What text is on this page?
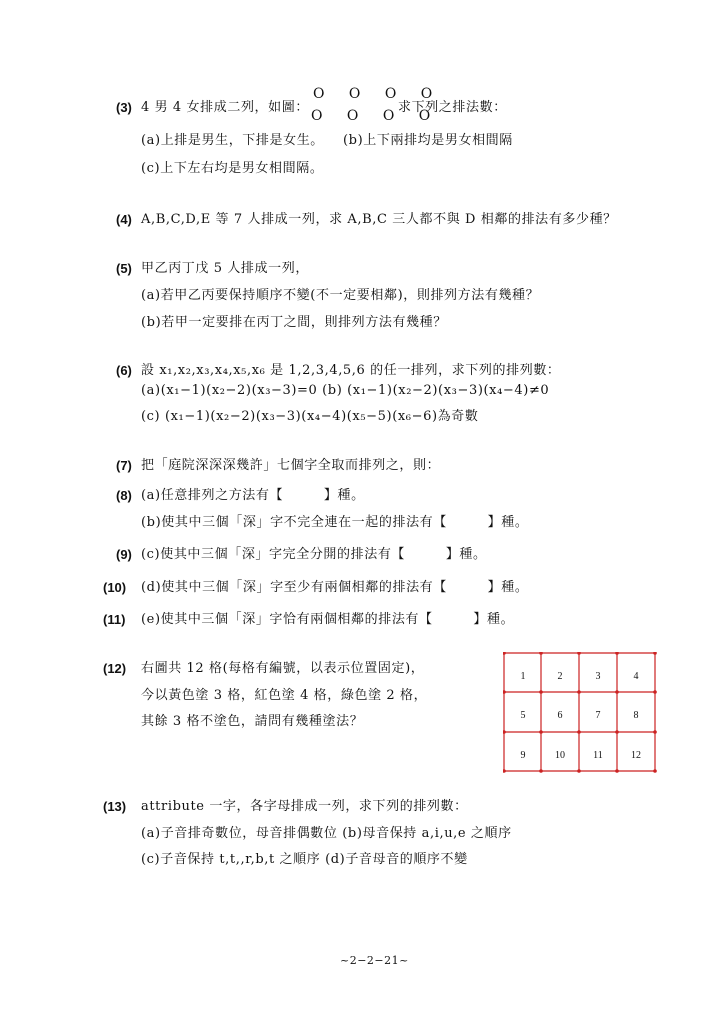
(3) 4 男 4 女排成二列，如圖：
O O O O
O O O O
求下列之排法數：
(a)上排是男生，下排是女生。 (b)上下兩排均是男女相間隔
(c)上下左右均是男女相間隔。
(4) A,B,C,D,E 等 7 人排成一列，求 A,B,C 三人都不與 D 相鄰的排法有多少種？
(5) 甲乙丙丁戊 5 人排成一列，
(a)若甲乙丙要保持順序不變(不一定要相鄰)，則排列方法有幾種？
(b)若甲一定要排在丙丁之間，則排列方法有幾種？
(6) 設 x₁,x₂,x₃,x₄,x₅,x₆ 是 1,2,3,4,5,6 的任一排列，求下列的排列數：
(a)(x₁−1)(x₂−2)(x₃−3)=0 (b) (x₁−1)(x₂−2)(x₃−3)(x₄−4)≠0
(c) (x₁−1)(x₂−2)(x₃−3)(x₄−4)(x₅−5)(x₆−6)為奇數
(7) 把「庭院深深深幾許」七個字全取而排列之，則：
(8) (a)任意排列之方法有【　　　】種。
(b)使其中三個「深」字不完全連在一起的排法有【　　　】種。
(9) (c)使其中三個「深」字完全分開的排法有【　　　】種。
(10) (d)使其中三個「深」字至少有兩個相鄰的排法有【　　　】種。
(11) (e)使其中三個「深」字恰有兩個相鄰的排法有【　　　】種。
(12) 右圖共 12 格(每格有編號，以表示位置固定)，
今以黃色塗 3 格，紅色塗 4 格，綠色塗 2 格，
其餘 3 格不塗色，請問有幾種塗法？
1	2	3	4
5	6	7	8
9	10	11	12
(13) attribute 一字，各字母排成一列，求下列的排列數：
(a)子音排奇數位，母音排偶數位 (b)母音保持 a,i,u,e 之順序
(c)子音保持 t,t,,r,b,t 之順序 (d)子音母音的順序不變
~2−2−21~
